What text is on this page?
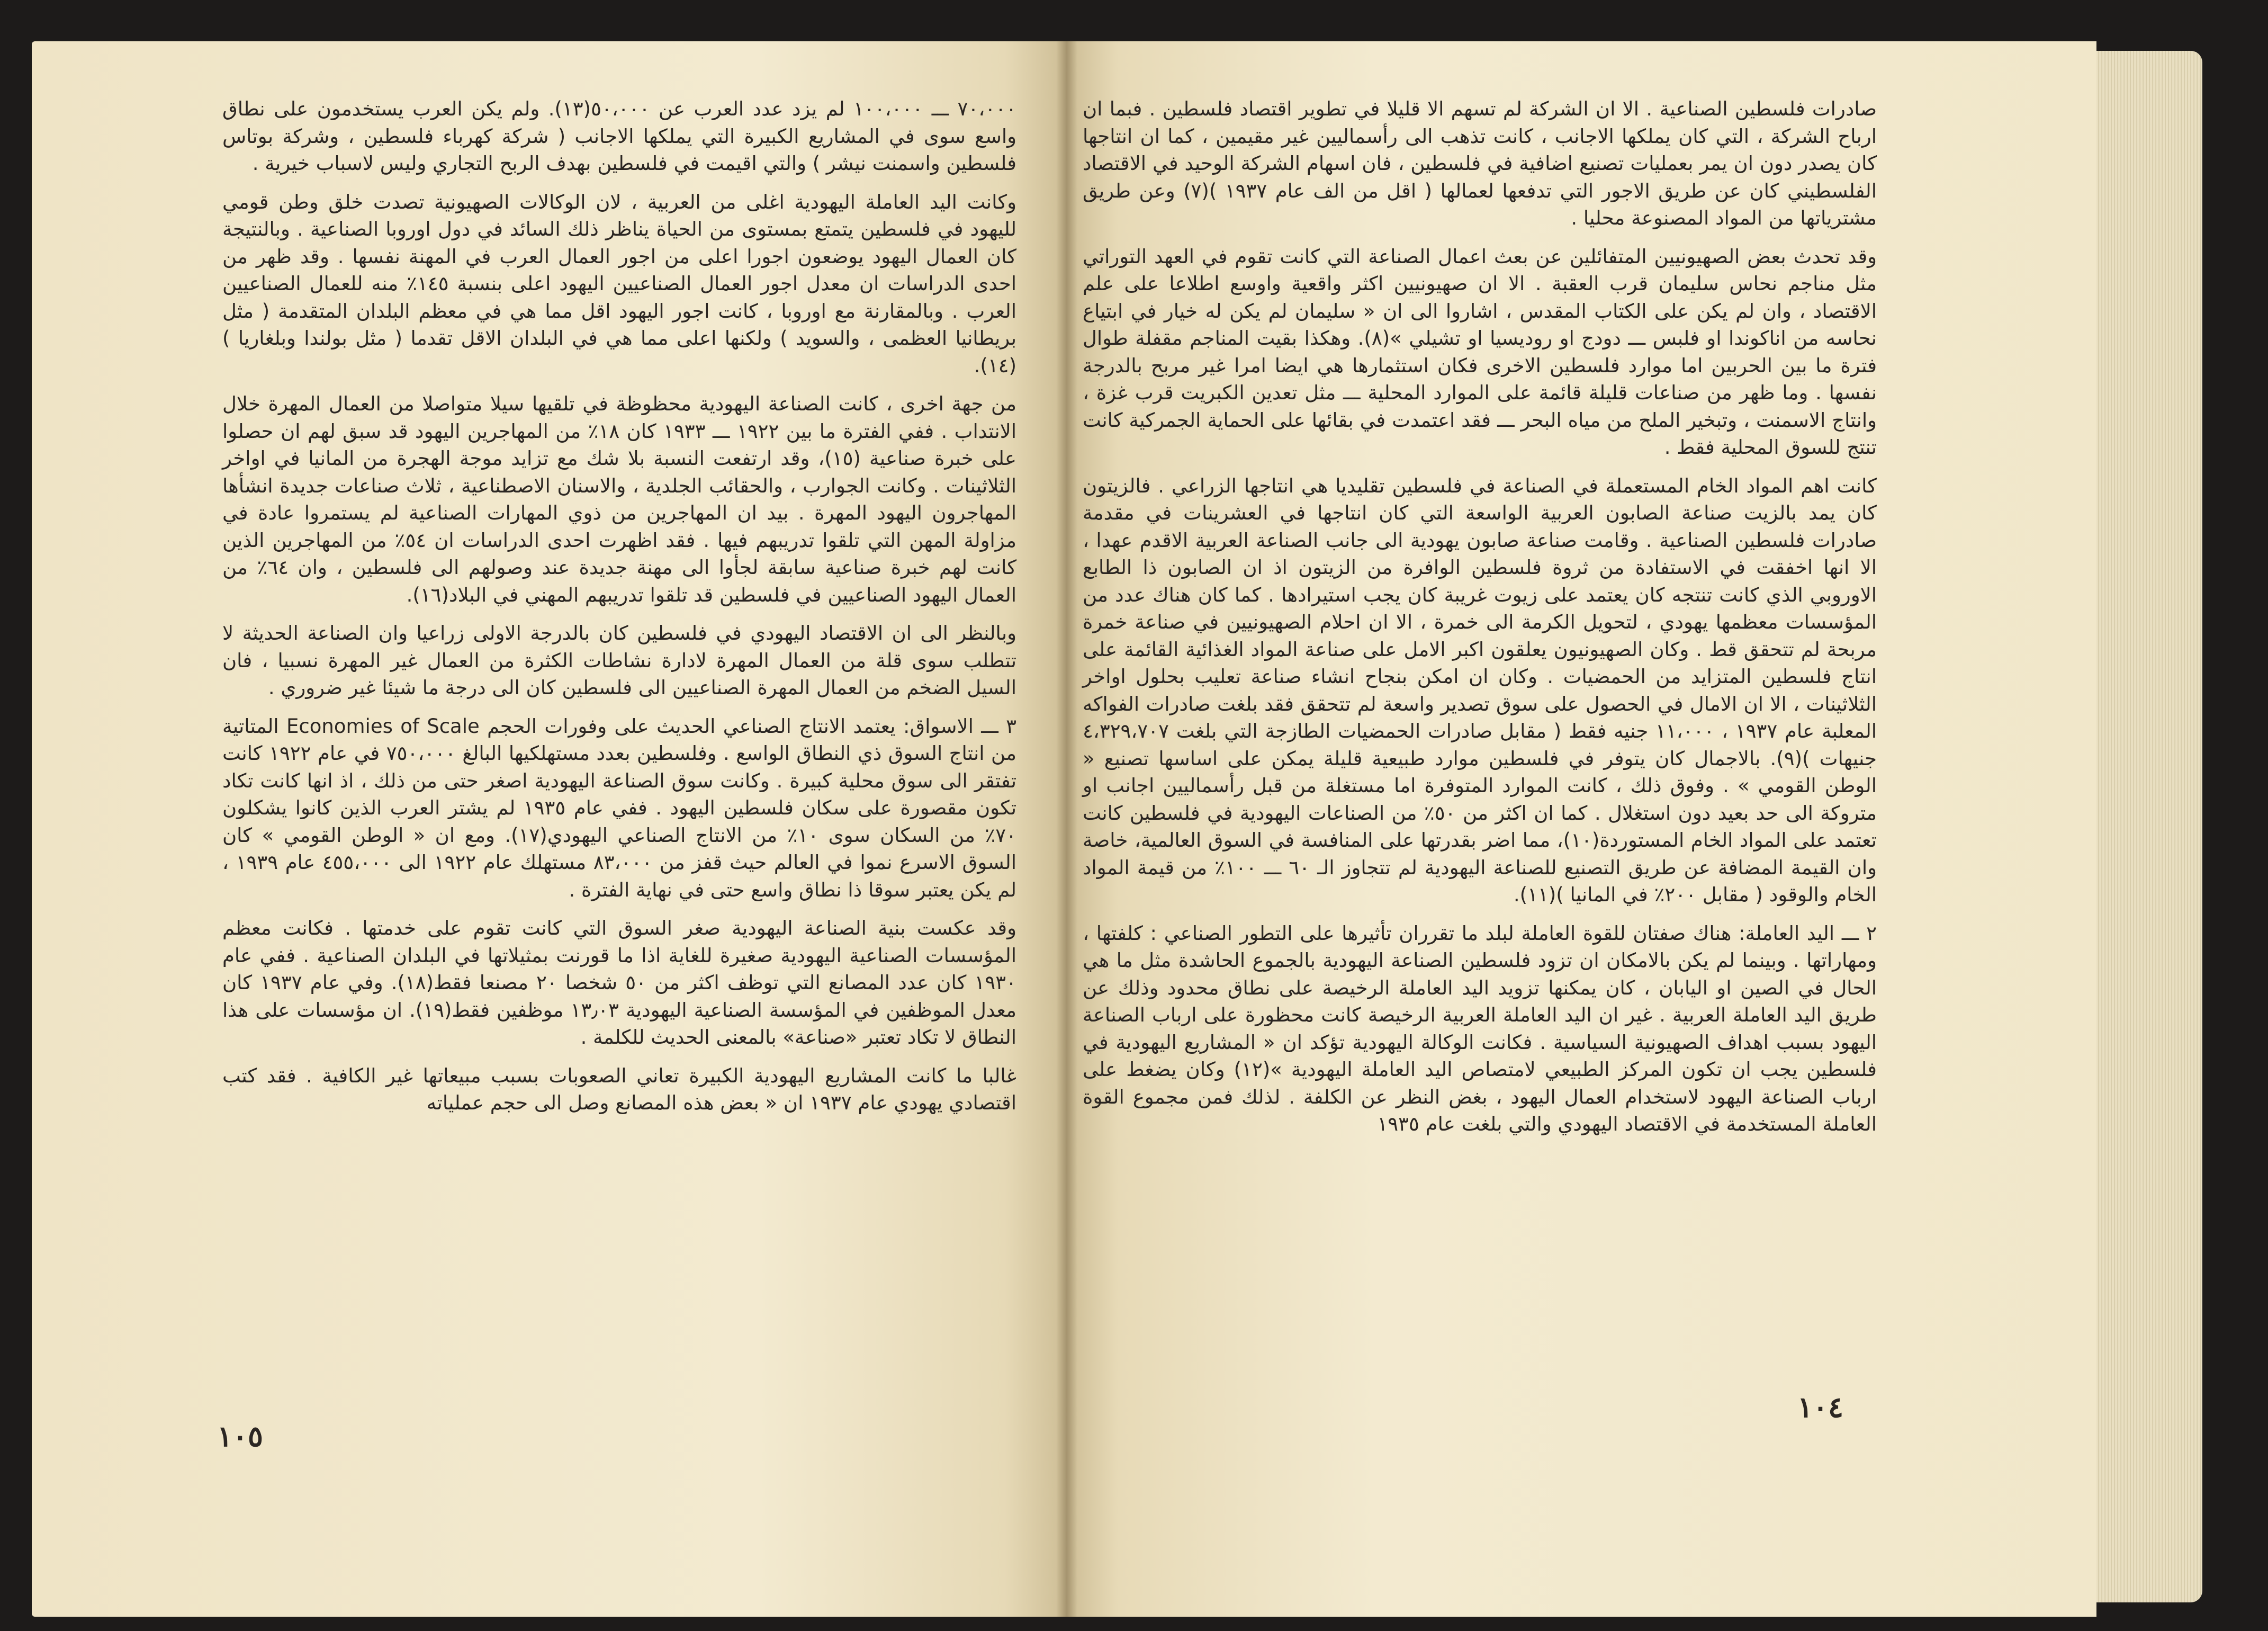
٧٠،٠٠٠ ـــ ١٠٠،٠٠٠ لم يزد عدد العرب عن ٥٠،٠٠٠(١٣). ولم يكن العرب يستخدمون على نطاق واسع سوى في المشاريع الكبيرة التي يملكها الاجانب ( شركة كهرباء فلسطين ، وشركة بوتاس فلسطين واسمنت نيشر ) والتي اقيمت في فلسطين بهدف الربح التجاري وليس لاسباب خيرية .

وكانت اليد العاملة اليهودية اغلى من العربية ، لان الوكالات الصهيونية تصدت خلق وطن قومي لليهود في فلسطين يتمتع بمستوى من الحياة يناظر ذلك السائد في دول اوروبا الصناعية . وبالنتيجة كان العمال اليهود يوضعون اجورا اعلى من اجور العمال العرب في المهنة نفسها . وقد ظهر من احدى الدراسات ان معدل اجور العمال الصناعيين اليهود اعلى بنسبة ١٤٥٪ منه للعمال الصناعيين العرب . وبالمقارنة مع اوروبا ، كانت اجور اليهود اقل مما هي في معظم البلدان المتقدمة ( مثل بريطانيا العظمى ، والسويد ) ولكنها اعلى مما هي في البلدان الاقل تقدما ( مثل بولندا وبلغاريا )(١٤).

من جهة اخرى ، كانت الصناعة اليهودية محظوظة في تلقيها سيلا متواصلا من العمال المهرة خلال الانتداب . ففي الفترة ما بين ١٩٢٢ ـــ ١٩٣٣ كان ١٨٪ من المهاجرين اليهود قد سبق لهم ان حصلوا على خبرة صناعية (١٥)، وقد ارتفعت النسبة بلا شك مع تزايد موجة الهجرة من المانيا في اواخر الثلاثينات . وكانت الجوارب ، والحقائب الجلدية ، والاسنان الاصطناعية ، ثلاث صناعات جديدة انشأها المهاجرون اليهود المهرة . بيد ان المهاجرين من ذوي المهارات الصناعية لم يستمروا عادة في مزاولة المهن التي تلقوا تدريبهم فيها . فقد اظهرت احدى الدراسات ان ٥٤٪ من المهاجرين الذين كانت لهم خبرة صناعية سابقة لجأوا الى مهنة جديدة عند وصولهم الى فلسطين ، وان ٦٤٪ من العمال اليهود الصناعيين في فلسطين قد تلقوا تدريبهم المهني في البلاد(١٦).

وبالنظر الى ان الاقتصاد اليهودي في فلسطين كان بالدرجة الاولى زراعيا وان الصناعة الحديثة لا تتطلب سوى قلة من العمال المهرة لادارة نشاطات الكثرة من العمال غير المهرة نسبيا ، فان السيل الضخم من العمال المهرة الصناعيين الى فلسطين كان الى درجة ما شيئا غير ضروري .

٣ ـــ الاسواق: يعتمد الانتاج الصناعي الحديث على وفورات الحجم Economies of Scale المتاتية من انتاج السوق ذي النطاق الواسع . وفلسطين بعدد مستهلكيها البالغ ٧٥٠،٠٠٠ في عام ١٩٢٢ كانت تفتقر الى سوق محلية كبيرة . وكانت سوق الصناعة اليهودية اصغر حتى من ذلك ، اذ انها كانت تكاد تكون مقصورة على سكان فلسطين اليهود . ففي عام ١٩٣٥ لم يشتر العرب الذين كانوا يشكلون ٧٠٪ من السكان سوى ١٠٪ من الانتاج الصناعي اليهودي(١٧). ومع ان « الوطن القومي » كان السوق الاسرع نموا في العالم حيث قفز من ٨٣،٠٠٠ مستهلك عام ١٩٢٢ الى ٤٥٥،٠٠٠ عام ١٩٣٩ ، لم يكن يعتبر سوقا ذا نطاق واسع حتى في نهاية الفترة .

وقد عكست بنية الصناعة اليهودية صغر السوق التي كانت تقوم على خدمتها . فكانت معظم المؤسسات الصناعية اليهودية صغيرة للغاية اذا ما قورنت بمثيلاتها في البلدان الصناعية . ففي عام ١٩٣٠ كان عدد المصانع التي توظف اكثر من ٥٠ شخصا ٢٠ مصنعا فقط(١٨). وفي عام ١٩٣٧ كان معدل الموظفين في المؤسسة الصناعية اليهودية ١٣٫٠٣ موظفين فقط(١٩). ان مؤسسات على هذا النطاق لا تكاد تعتبر «صناعة» بالمعنى الحديث للكلمة .

غالبا ما كانت المشاريع اليهودية الكبيرة تعاني الصعوبات بسبب مبيعاتها غير الكافية . فقد كتب اقتصادي يهودي عام ١٩٣٧ ان « بعض هذه المصانع وصل الى حجم عملياته

١٠٥

صادرات فلسطين الصناعية . الا ان الشركة لم تسهم الا قليلا في تطوير اقتصاد فلسطين . فبما ان ارباح الشركة ، التي كان يملكها الاجانب ، كانت تذهب الى رأسماليين غير مقيمين ، كما ان انتاجها كان يصدر دون ان يمر بعمليات تصنيع اضافية في فلسطين ، فان اسهام الشركة الوحيد في الاقتصاد الفلسطيني كان عن طريق الاجور التي تدفعها لعمالها ( اقل من الف عام ١٩٣٧ )(٧) وعن طريق مشترياتها من المواد المصنوعة محليا .

وقد تحدث بعض الصهيونيين المتفائلين عن بعث اعمال الصناعة التي كانت تقوم في العهد التوراتي مثل مناجم نحاس سليمان قرب العقبة . الا ان صهيونيين اكثر واقعية واوسع اطلاعا على علم الاقتصاد ، وان لم يكن على الكتاب المقدس ، اشاروا الى ان « سليمان لم يكن له خيار في ابتياع نحاسه من اناكوندا او فلبس ـــ دودج او روديسيا او تشيلي »(٨). وهكذا بقيت المناجم مقفلة طوال فترة ما بين الحربين اما موارد فلسطين الاخرى فكان استثمارها هي ايضا امرا غير مربح بالدرجة نفسها . وما ظهر من صناعات قليلة قائمة على الموارد المحلية ـــ مثل تعدين الكبريت قرب غزة ، وانتاج الاسمنت ، وتبخير الملح من مياه البحر ـــ فقد اعتمدت في بقائها على الحماية الجمركية كانت تنتج للسوق المحلية فقط .

كانت اهم المواد الخام المستعملة في الصناعة في فلسطين تقليديا هي انتاجها الزراعي . فالزيتون كان يمد بالزيت صناعة الصابون العربية الواسعة التي كان انتاجها في العشرينات في مقدمة صادرات فلسطين الصناعية . وقامت صناعة صابون يهودية الى جانب الصناعة العربية الاقدم عهدا ، الا انها اخفقت في الاستفادة من ثروة فلسطين الوافرة من الزيتون اذ ان الصابون ذا الطابع الاوروبي الذي كانت تنتجه كان يعتمد على زيوت غريبة كان يجب استيرادها . كما كان هناك عدد من المؤسسات معظمها يهودي ، لتحويل الكرمة الى خمرة ، الا ان احلام الصهيونيين في صناعة خمرة مربحة لم تتحقق قط . وكان الصهيونيون يعلقون اكبر الامل على صناعة المواد الغذائية القائمة على انتاج فلسطين المتزايد من الحمضيات . وكان ان امكن بنجاح انشاء صناعة تعليب بحلول اواخر الثلاثينات ، الا ان الامال في الحصول على سوق تصدير واسعة لم تتحقق فقد بلغت صادرات الفواكه المعلبة عام ١٩٣٧ ، ١١،٠٠٠ جنيه فقط ( مقابل صادرات الحمضيات الطازجة التي بلغت ٤،٣٢٩،٧٠٧ جنيهات )(٩). بالاجمال كان يتوفر في فلسطين موارد طبيعية قليلة يمكن على اساسها تصنيع « الوطن القومي » . وفوق ذلك ، كانت الموارد المتوفرة اما مستغلة من قبل رأسماليين اجانب او متروكة الى حد بعيد دون استغلال . كما ان اكثر من ٥٠٪ من الصناعات اليهودية في فلسطين كانت تعتمد على المواد الخام المستوردة(١٠)، مما اضر بقدرتها على المنافسة في السوق العالمية، خاصة وان القيمة المضافة عن طريق التصنيع للصناعة اليهودية لم تتجاوز الـ ٦٠ ـــ ١٠٠٪ من قيمة المواد الخام والوقود ( مقابل ٢٠٠٪ في المانيا )(١١).

٢ ـــ اليد العاملة: هناك صفتان للقوة العاملة لبلد ما تقرران تأثيرها على التطور الصناعي : كلفتها ، ومهاراتها . وبينما لم يكن بالامكان ان تزود فلسطين الصناعة اليهودية بالجموع الحاشدة مثل ما هي الحال في الصين او اليابان ، كان يمكنها تزويد اليد العاملة الرخيصة على نطاق محدود وذلك عن طريق اليد العاملة العربية . غير ان اليد العاملة العربية الرخيصة كانت محظورة على ارباب الصناعة اليهود بسبب اهداف الصهيونية السياسية . فكانت الوكالة اليهودية تؤكد ان « المشاريع اليهودية في فلسطين يجب ان تكون المركز الطبيعي لامتصاص اليد العاملة اليهودية »(١٢) وكان يضغط على ارباب الصناعة اليهود لاستخدام العمال اليهود ، بغض النظر عن الكلفة . لذلك فمن مجموع القوة العاملة المستخدمة في الاقتصاد اليهودي والتي بلغت عام ١٩٣٥

١٠٤
